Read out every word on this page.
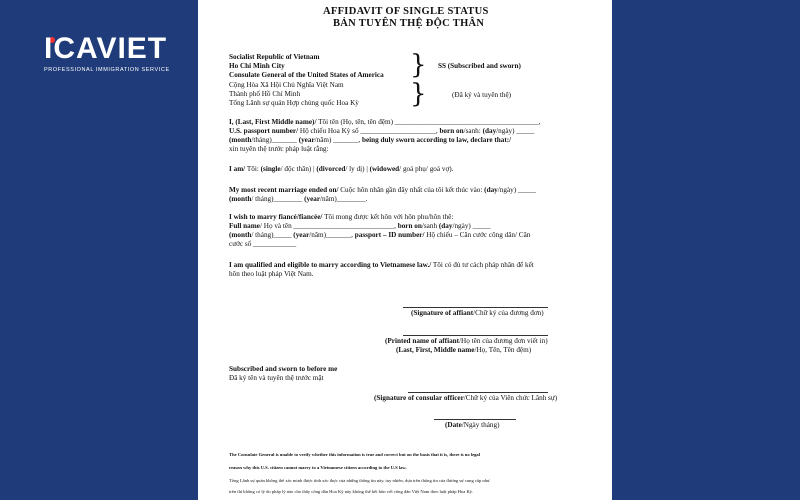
ICAVIET
PROFESSIONAL IMMIGRATION SERVICE
AFFIDAVIT OF SINGLE STATUS
BẢN TUYÊN THỆ ĐỘC THÂN
Socialist Republic of Vietnam
Ho Chi Minh City
Consulate General of the United States of America } SS (Subscribed and sworn)
Cộng Hòa Xã Hội Chủ Nghĩa Việt Nam
Thành phố Hồ Chí Minh
Tổng Lãnh sự quán Hợp chủng quốc Hoa Kỳ }	(Đã ký và tuyên thệ)
I, (Last, First Middle name)/ Tôi tên (Họ, tên, tên đệm) ________________________________________,
U.S. passport number/ Hộ chiếu Hoa Kỳ số _____________________, born on/sanh: (day/ngày) _____
(month/tháng)_______ (year/năm) _______, being duly sworn according to law, declare that:/
xin tuyên thệ trước pháp luật rằng:
I am/ Tôi: (single/ độc thân) | (divorced/ ly dị) | (widowed/ goá phụ/ goá vợ).
My most recent marriage ended on/ Cuộc hôn nhân gần đây nhất của tôi kết thúc vào: (day/ngày) _____
(month/ tháng)________ (year/năm)________.
I wish to marry fiancé/fiancée/ Tôi mong được kết hôn với hôn phu/hôn thê:
Full name/ Họ và tên ____________________________, born on/sanh (day/ngày) _____
(month/ tháng)_____ (year/năm)_______, passport – ID number/ Hộ chiếu – Căn cước công dân/ Căn
cước số ____________
I am qualified and eligible to marry according to Vietnamese law./ Tôi có đủ tư cách pháp nhân để kết
hôn theo luật pháp Việt Nam.
(Signature of affiant/Chữ ký của đương đơn)
(Printed name of affiant/Họ tên của đương đơn viết in)
(Last, First, Middle name/Họ, Tên, Tên đệm)
Subscribed and sworn to before me
Đã ký tên và tuyên thệ trước mặt
(Signature of consular officer/Chữ ký của Viên chức Lãnh sự)
(Date/Ngày tháng)
The Consulate General is unable to verify whether this information is true and correct but on the basis that it is, there is no legal
reason why this U.S. citizen cannot marry to a Vietnamese citizen according to the U.S law.
Tổng Lãnh sự quán không thể xác minh được tính xác thực của những thông tin này, tuy nhiên, dựa trên thông tin của đương sự cung cấp như
trên thì không có lý do pháp lý nào cho thấy công dân Hoa Kỳ này không thể kết hôn với công dân Việt Nam theo luật pháp Hoa Kỳ.
